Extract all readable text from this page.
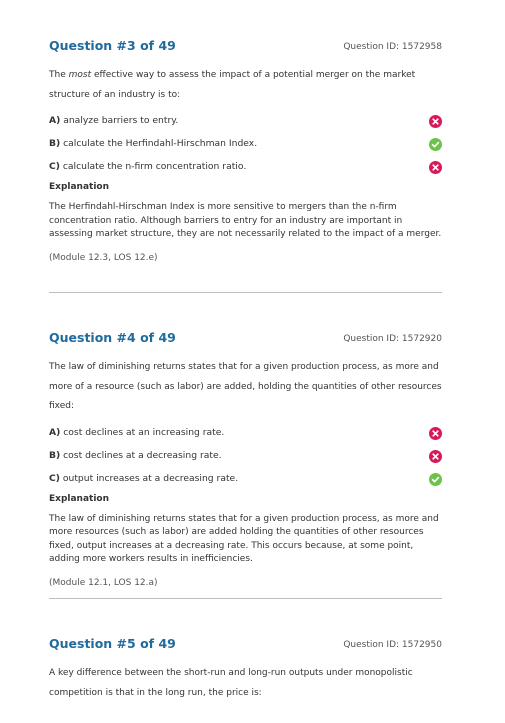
Question #3 of 49	Question ID: 1572958
The most effective way to assess the impact of a potential merger on the market structure of an industry is to:
A) analyze barriers to entry.
B) calculate the Herfindahl-Hirschman Index.
C) calculate the n-firm concentration ratio.
Explanation
The Herfindahl-Hirschman Index is more sensitive to mergers than the n-firm concentration ratio. Although barriers to entry for an industry are important in assessing market structure, they are not necessarily related to the impact of a merger.
(Module 12.3, LOS 12.e)
Question #4 of 49	Question ID: 1572920
The law of diminishing returns states that for a given production process, as more and more of a resource (such as labor) are added, holding the quantities of other resources fixed:
A) cost declines at an increasing rate.
B) cost declines at a decreasing rate.
C) output increases at a decreasing rate.
Explanation
The law of diminishing returns states that for a given production process, as more and more resources (such as labor) are added holding the quantities of other resources fixed, output increases at a decreasing rate. This occurs because, at some point, adding more workers results in inefficiencies.
(Module 12.1, LOS 12.a)
Question #5 of 49	Question ID: 1572950
A key difference between the short-run and long-run outputs under monopolistic competition is that in the long run, the price is:
